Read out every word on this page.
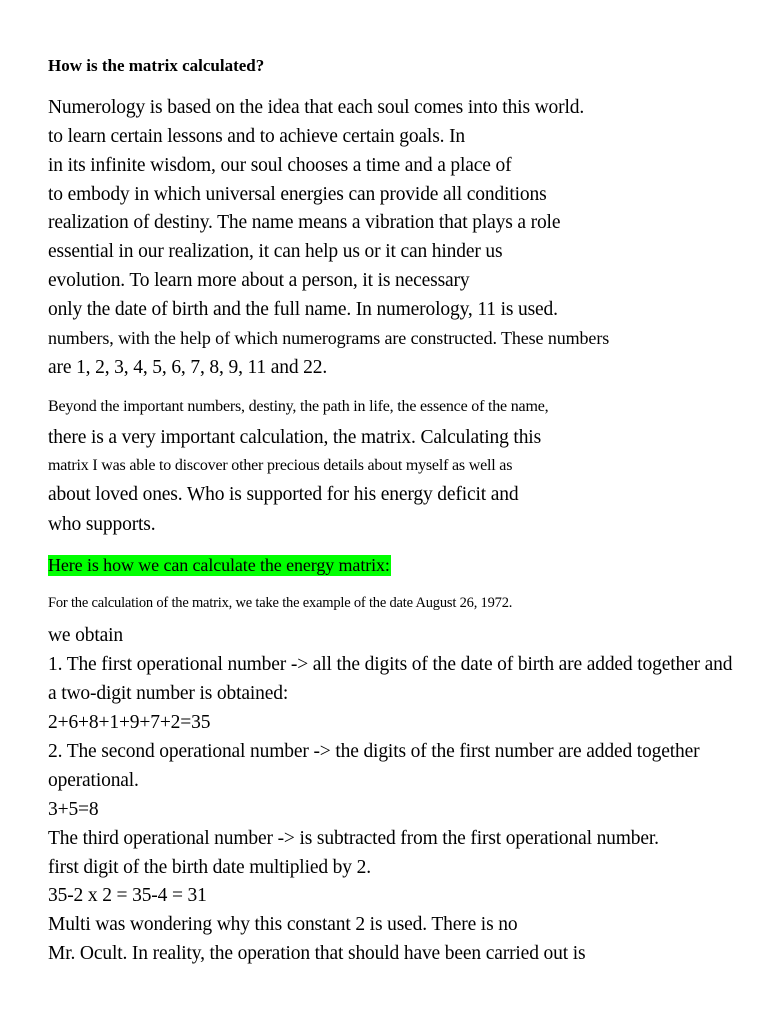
How is the matrix calculated?
Numerology is based on the idea that each soul comes into this world.
to learn certain lessons and to achieve certain goals. In
in its infinite wisdom, our soul chooses a time and a place of
to embody in which universal energies can provide all conditions
realization of destiny. The name means a vibration that plays a role
essential in our realization, it can help us or it can hinder us
evolution. To learn more about a person, it is necessary
only the date of birth and the full name. In numerology, 11 is used.
numbers, with the help of which numerograms are constructed. These numbers
are 1, 2, 3, 4, 5, 6, 7, 8, 9, 11 and 22.
Beyond the important numbers, destiny, the path in life, the essence of the name,
there is a very important calculation, the matrix. Calculating this
matrix I was able to discover other precious details about myself as well as
about loved ones. Who is supported for his energy deficit and
who supports.
Here is how we can calculate the energy matrix:
For the calculation of the matrix, we take the example of the date August 26, 1972.
we obtain
1. The first operational number -> all the digits of the date of birth are added together and
a two-digit number is obtained:
2+6+8+1+9+7+2=35
2. The second operational number -> the digits of the first number are added together
operational.
3+5=8
The third operational number -> is subtracted from the first operational number.
first digit of the birth date multiplied by 2.
35-2 x 2 = 35-4 = 31
Multi was wondering why this constant 2 is used. There is no
Mr. Ocult. In reality, the operation that should have been carried out is
